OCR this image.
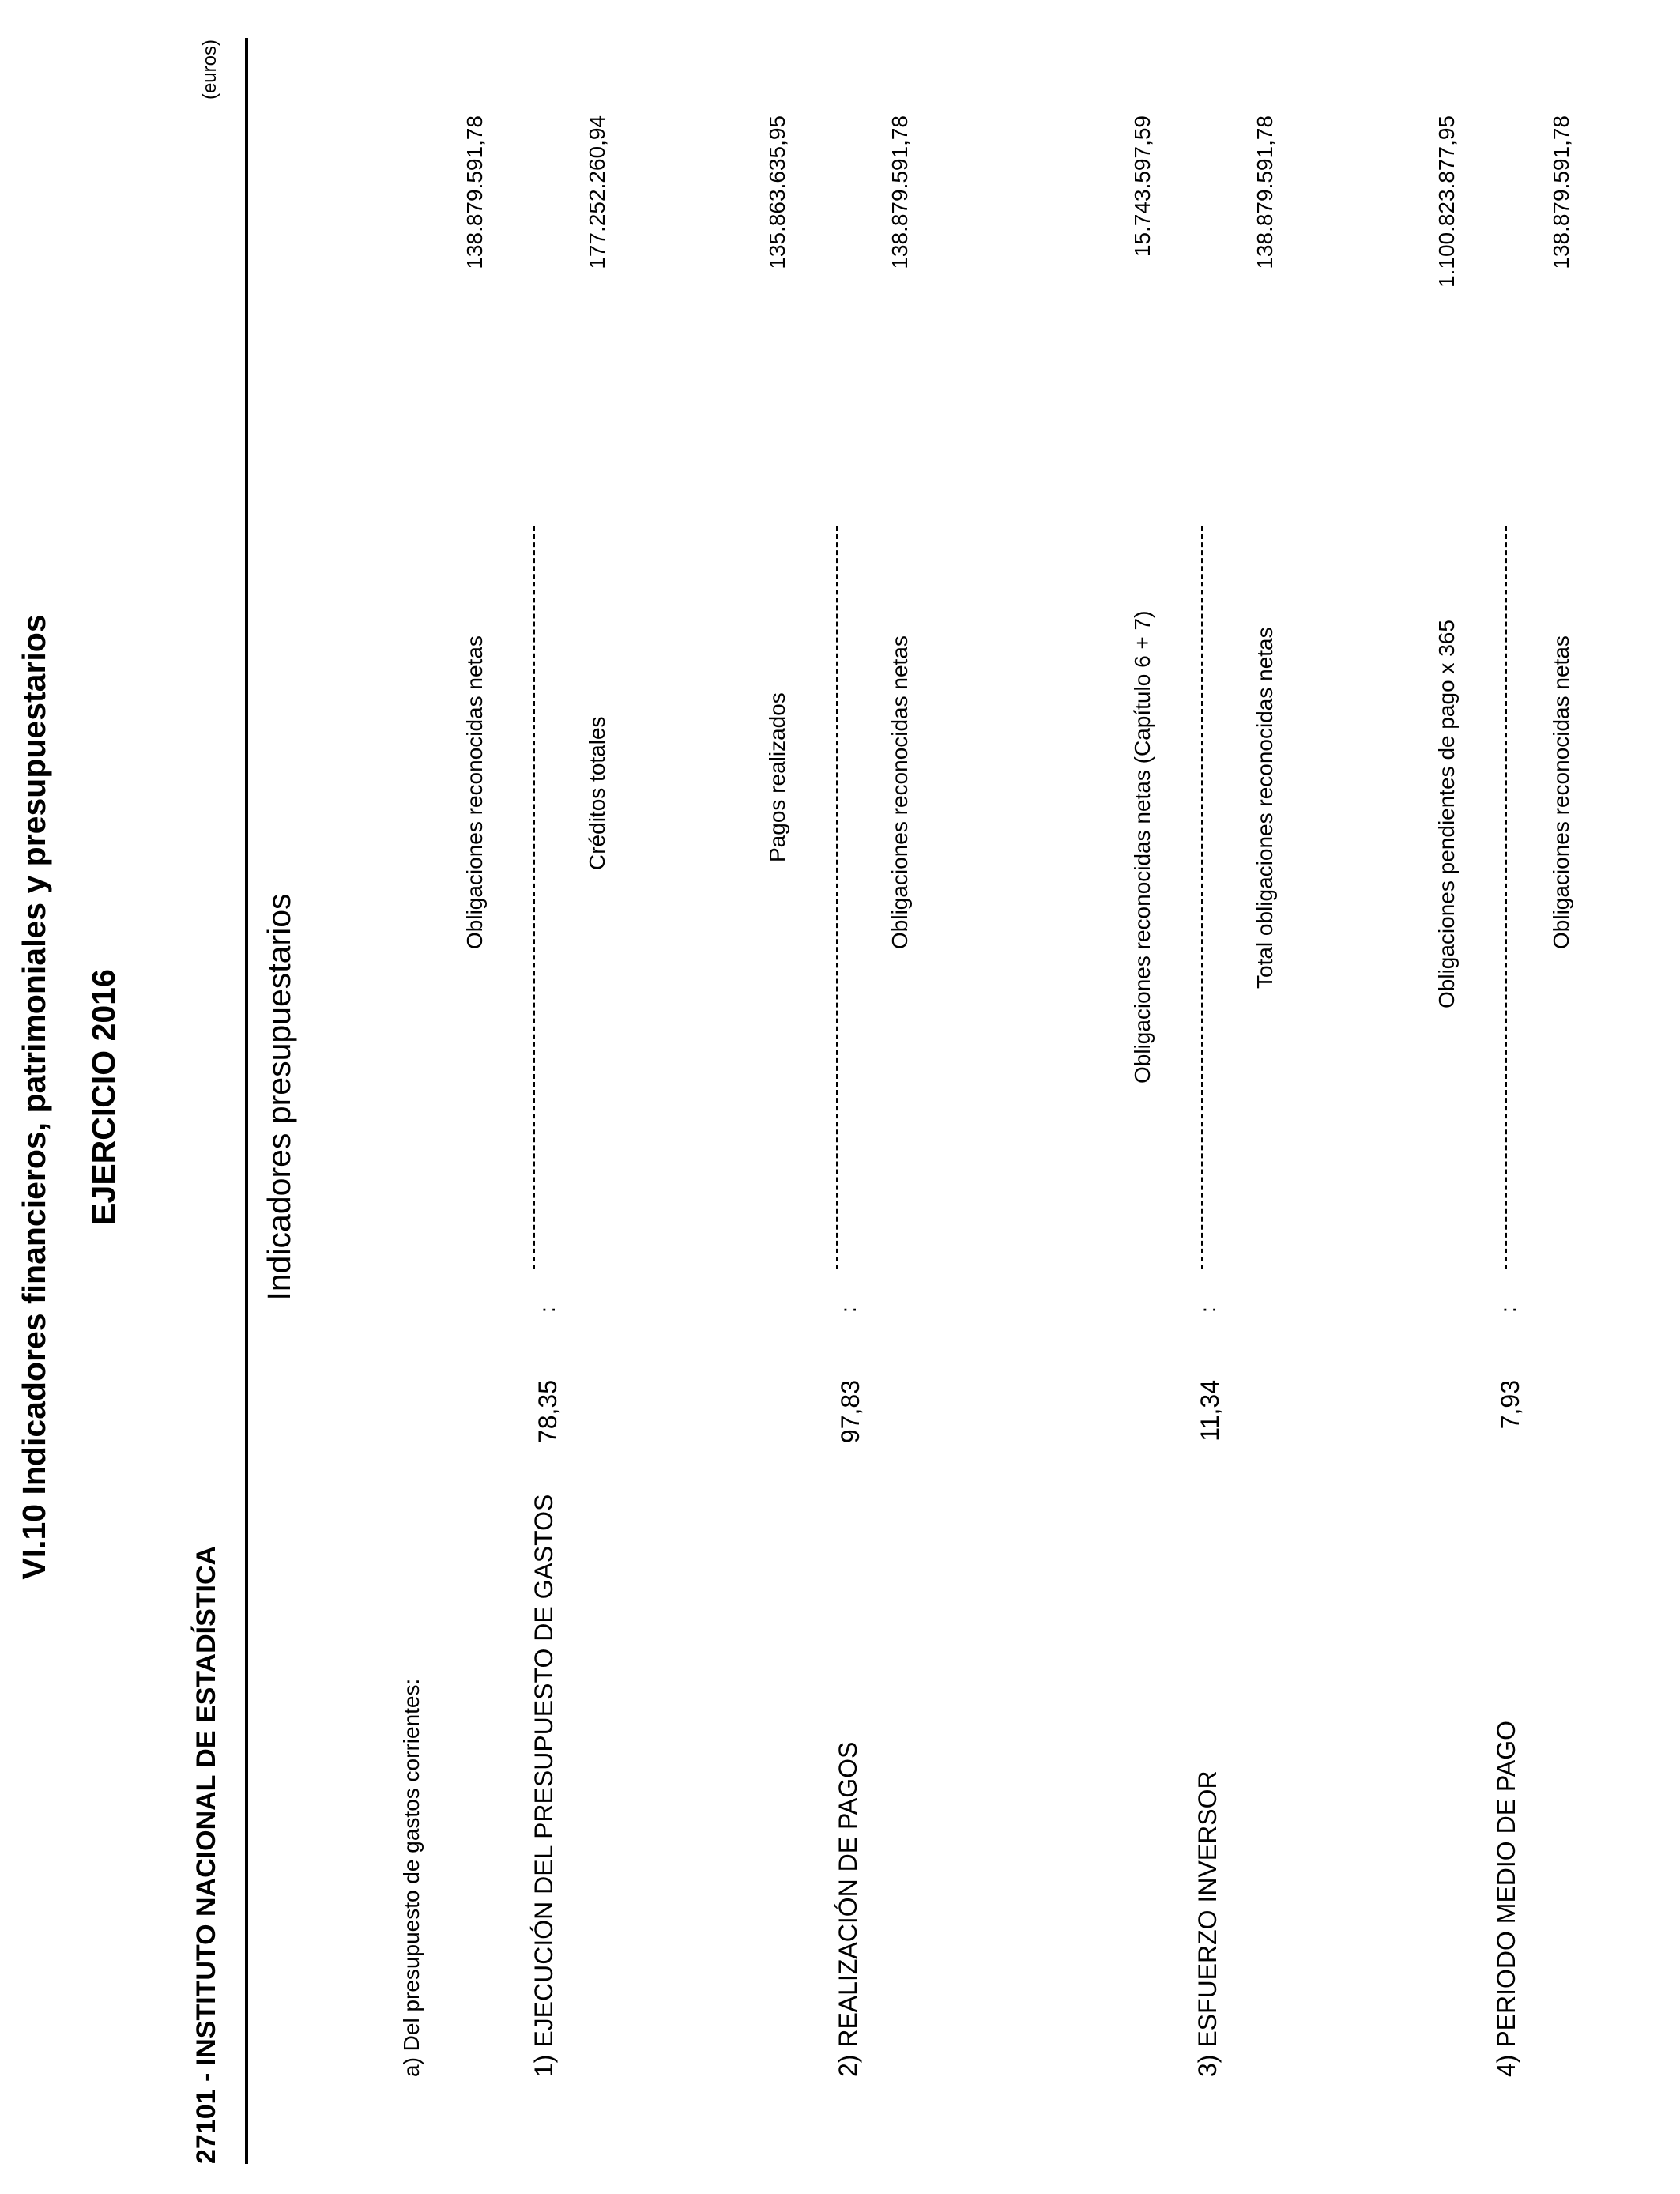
VI.10 Indicadores financieros, patrimoniales y presupuestarios EJERCICIO 2016
27101 - INSTITUTO NACIONAL DE ESTADÍSTICA
(euros)
Indicadores presupuestarios
a) Del presupuesto de gastos corrientes:	1) EJECUCIÓN DEL PRESUPUESTO DE GASTOS
78,35
:
Obligaciones reconocidas netas	Créditos totales
138.879.591,78	177.252.260,94
2) REALIZACIÓN DE PAGOS
97,83
:
Pagos realizados	Obligaciones reconocidas netas
135.863.635,95	138.879.591,78
3) ESFUERZO INVERSOR
11,34
:
Obligaciones reconocidas netas (Capítulo 6 + 7)	Total obligaciones reconocidas netas
15.743.597,59	138.879.591,78
4) PERIODO MEDIO DE PAGO
7,93
:
Obligaciones pendientes de pago x 365	Obligaciones reconocidas netas
1.100.823.877,95	138.879.591,78
